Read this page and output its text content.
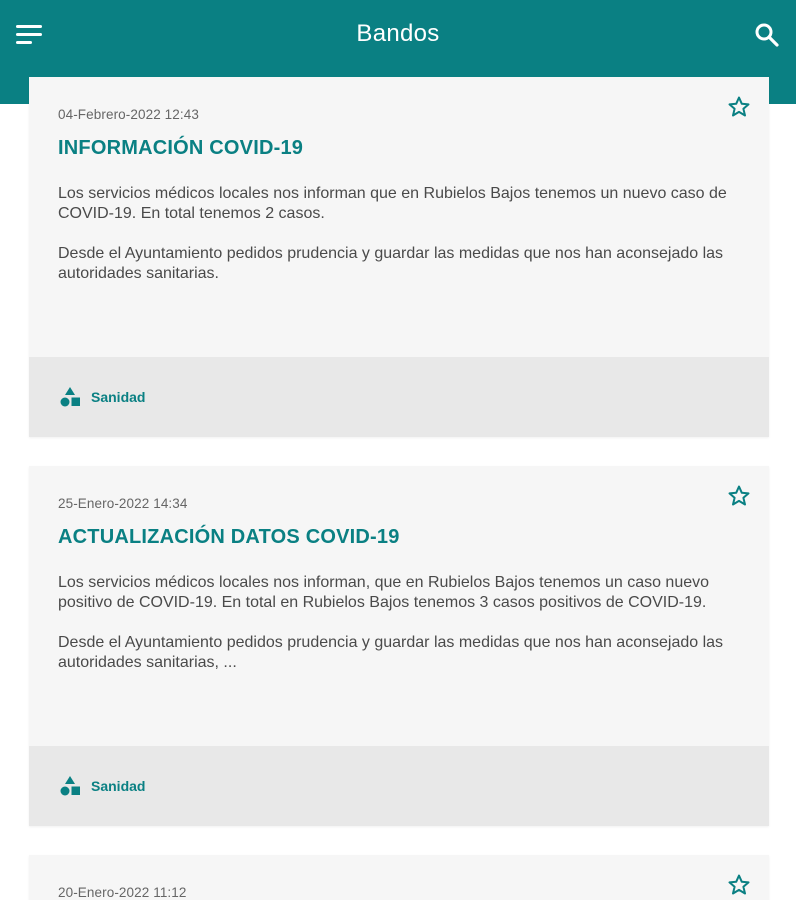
Bandos
04-Febrero-2022 12:43
INFORMACIÓN COVID-19

Los servicios médicos locales nos informan que en Rubielos Bajos tenemos un nuevo caso de COVID-19. En total tenemos 2 casos.

Desde el Ayuntamiento pedidos prudencia y guardar las medidas que nos han aconsejado las autoridades sanitarias.

Sanidad
25-Enero-2022 14:34
ACTUALIZACIÓN DATOS COVID-19

Los servicios médicos locales nos informan, que en Rubielos Bajos tenemos un caso nuevo positivo de COVID-19. En total en Rubielos Bajos tenemos 3 casos positivos de COVID-19.

Desde el Ayuntamiento pedidos prudencia y guardar las medidas que nos han aconsejado las autoridades sanitarias, ...

Sanidad
20-Enero-2022 11:12
